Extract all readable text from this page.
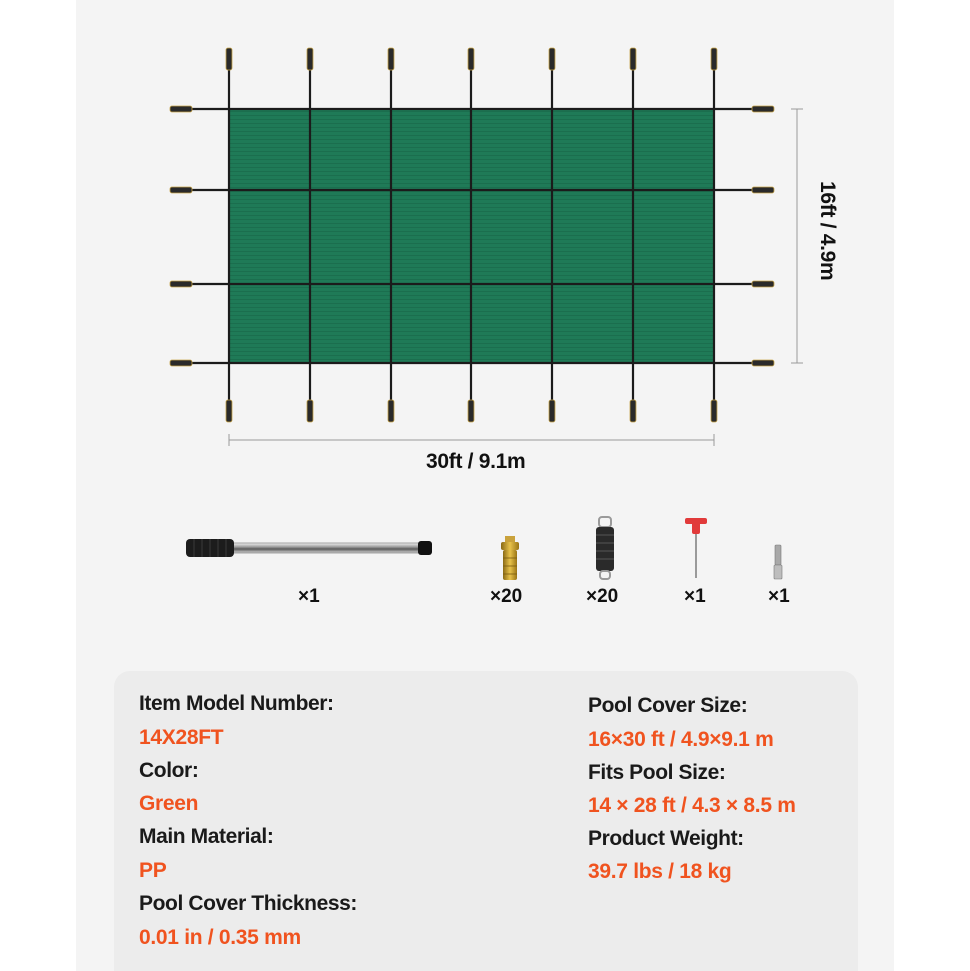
30ft / 9.1m
16ft / 4.9m
×1	×20	×20	×1	×1
Item Model Number:
14X28FT
Color:
Green
Main Material:
PP
Pool Cover Thickness:
0.01 in / 0.35 mm
Pool Cover Size:
16×30 ft / 4.9×9.1 m
Fits Pool Size:
14 × 28 ft / 4.3 × 8.5 m
Product Weight:
39.7 lbs / 18 kg
